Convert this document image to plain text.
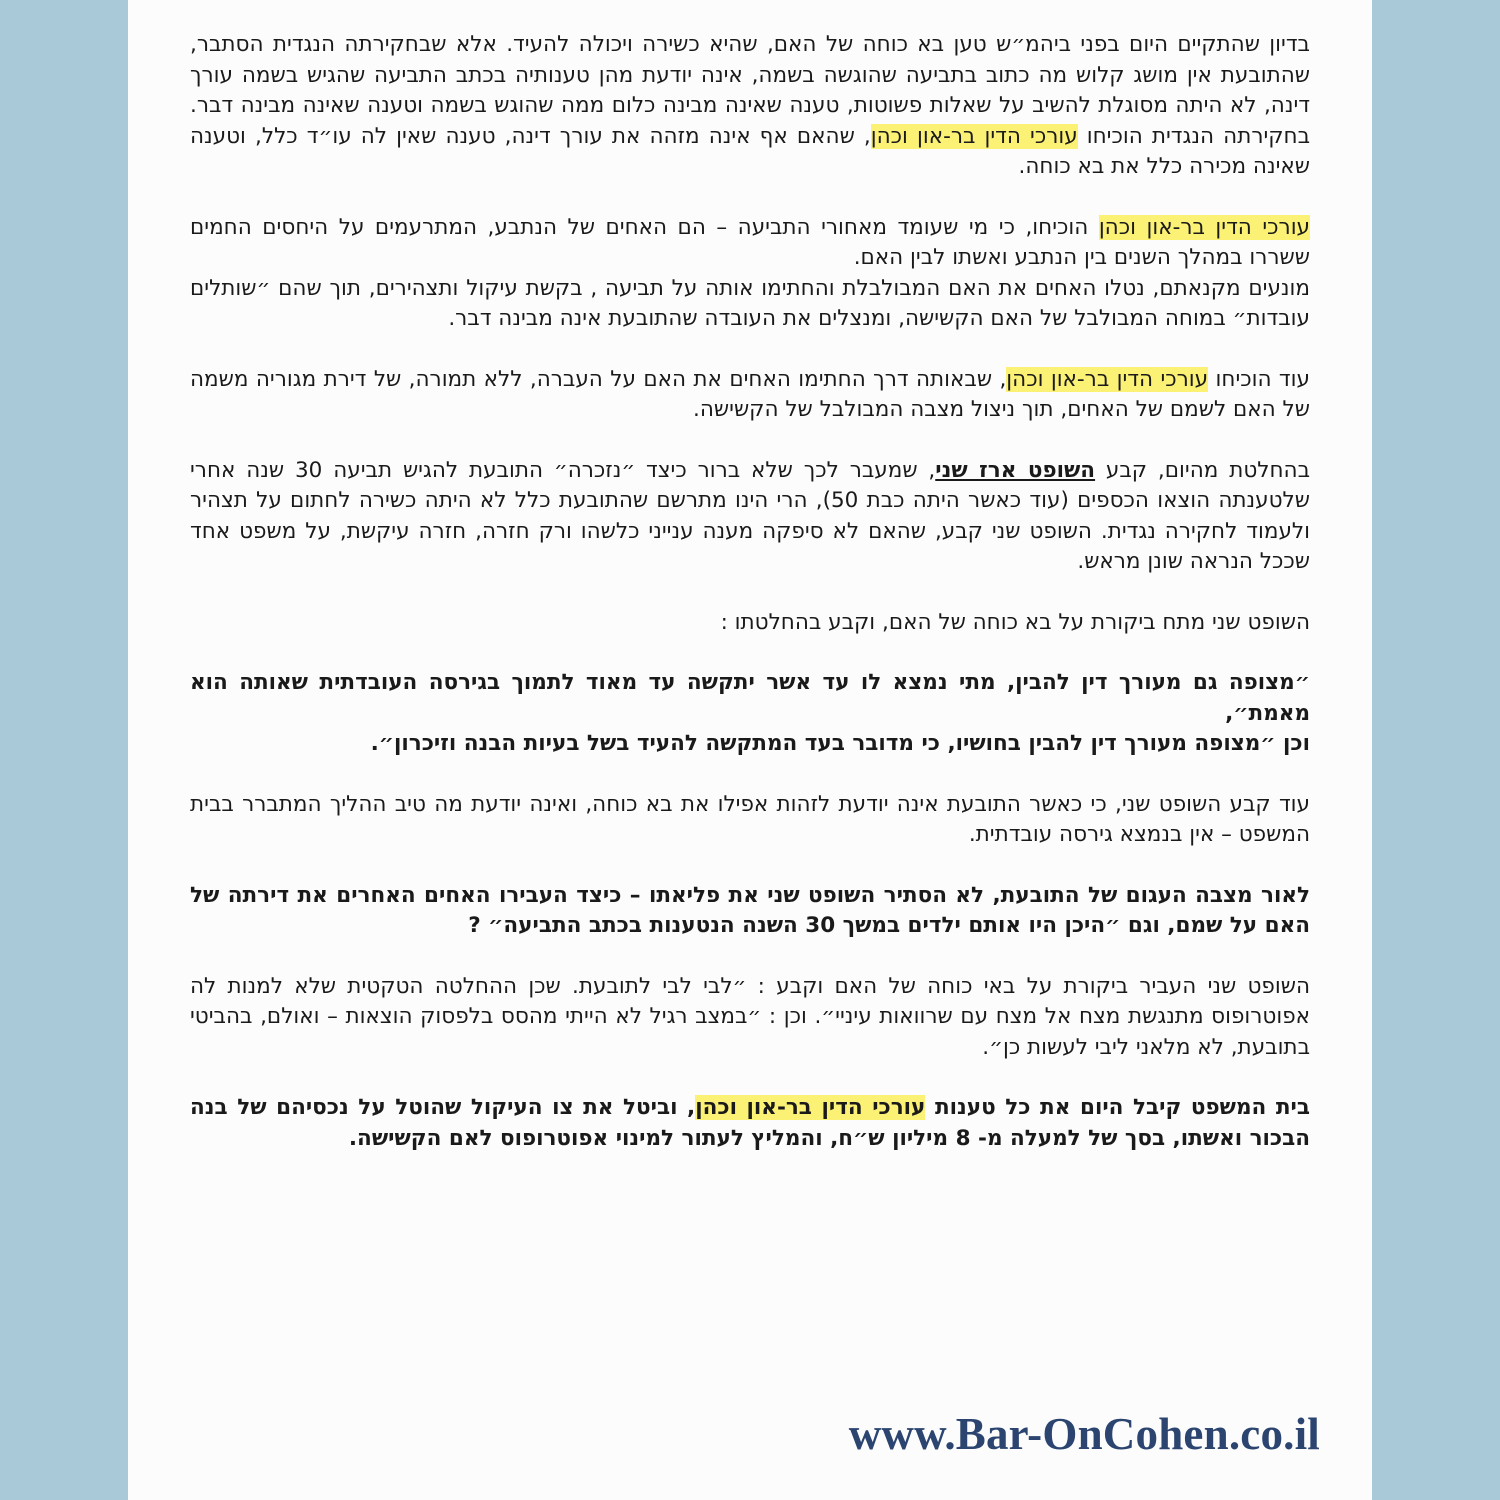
בדיון שהתקיים היום בפני ביהמ״ש טען בא כוחה של האם, שהיא כשירה ויכולה להעיד. אלא שבחקירתה הנגדית הסתבר, שהתובעת אין מושג קלוש מה כתוב בתביעה שהוגשה בשמה, אינה יודעת מהן טענותיה בכתב התביעה שהגיש בשמה עורך דינה, לא היתה מסוגלת להשיב על שאלות פשוטות, טענה שאינה מבינה כלום ממה שהוגש בשמה וטענה שאינה מבינה דבר. בחקירתה הנגדית הוכיחו עורכי הדין בר-און וכהן, שהאם אף אינה מזהה את עורך דינה, טענה שאין לה עו״ד כלל, וטענה שאינה מכירה כלל את בא כוחה.

עורכי הדין בר-און וכהן הוכיחו, כי מי שעומד מאחורי התביעה – הם האחים של הנתבע, המתרעמים על היחסים החמים ששררו במהלך השנים בין הנתבע ואשתו לבין האם.

מונעים מקנאתם, נטלו האחים את האם המבולבלת והחתימו אותה על תביעה , בקשת עיקול ותצהירים, תוך שהם ״שותלים עובדות״ במוחה המבולבל של האם הקשישה, ומנצלים את העובדה שהתובעת אינה מבינה דבר.

עוד הוכיחו עורכי הדין בר-און וכהן, שבאותה דרך החתימו האחים את האם על העברה, ללא תמורה, של דירת מגוריה משמה של האם לשמם של האחים, תוך ניצול מצבה המבולבל של הקשישה.

בהחלטת מהיום, קבע השופט ארז שני, שמעבר לכך שלא ברור כיצד ״נזכרה״ התובעת להגיש תביעה 30 שנה אחרי שלטענתה הוצאו הכספים (עוד כאשר היתה כבת 50), הרי הינו מתרשם שהתובעת כלל לא היתה כשירה לחתום על תצהיר ולעמוד לחקירה נגדית. השופט שני קבע, שהאם לא סיפקה מענה ענייני כלשהו ורק חזרה, חזרה עיקשת, על משפט אחד שככל הנראה שונן מראש.

השופט שני מתח ביקורת על בא כוחה של האם, וקבע בהחלטתו :

״מצופה גם מעורך דין להבין, מתי נמצא לו עד אשר יתקשה עד מאוד לתמוך בגירסה העובדתית שאותה הוא מאמת״,
וכן ״מצופה מעורך דין להבין בחושיו, כי מדובר בעד המתקשה להעיד בשל בעיות הבנה וזיכרון״.

עוד קבע השופט שני, כי כאשר התובעת אינה יודעת לזהות אפילו את בא כוחה, ואינה יודעת מה טיב ההליך המתברר בבית המשפט – אין בנמצא גירסה עובדתית.

לאור מצבה העגום של התובעת, לא הסתיר השופט שני את פליאתו – כיצד העבירו האחים האחרים את דירתה של האם על שמם, וגם ״היכן היו אותם ילדים במשך 30 השנה הנטענות בכתב התביעה״ ?

השופט שני העביר ביקורת על באי כוחה של האם וקבע : ״לבי לבי לתובעת. שכן ההחלטה הטקטית שלא למנות לה אפוטרופוס מתנגשת מצח אל מצח עם שרוואות עיניי״. וכן : ״במצב רגיל לא הייתי מהסס בלפסוק הוצאות – ואולם, בהביטי בתובעת, לא מלאני ליבי לעשות כן״.

בית המשפט קיבל היום את כל טענות עורכי הדין בר-און וכהן, וביטל את צו העיקול שהוטל על נכסיהם של בנה הבכור ואשתו, בסך של למעלה מ- 8 מיליון ש״ח, והמליץ לעתור למינוי אפוטרופוס לאם הקשישה.

www.Bar-OnCohen.co.il
